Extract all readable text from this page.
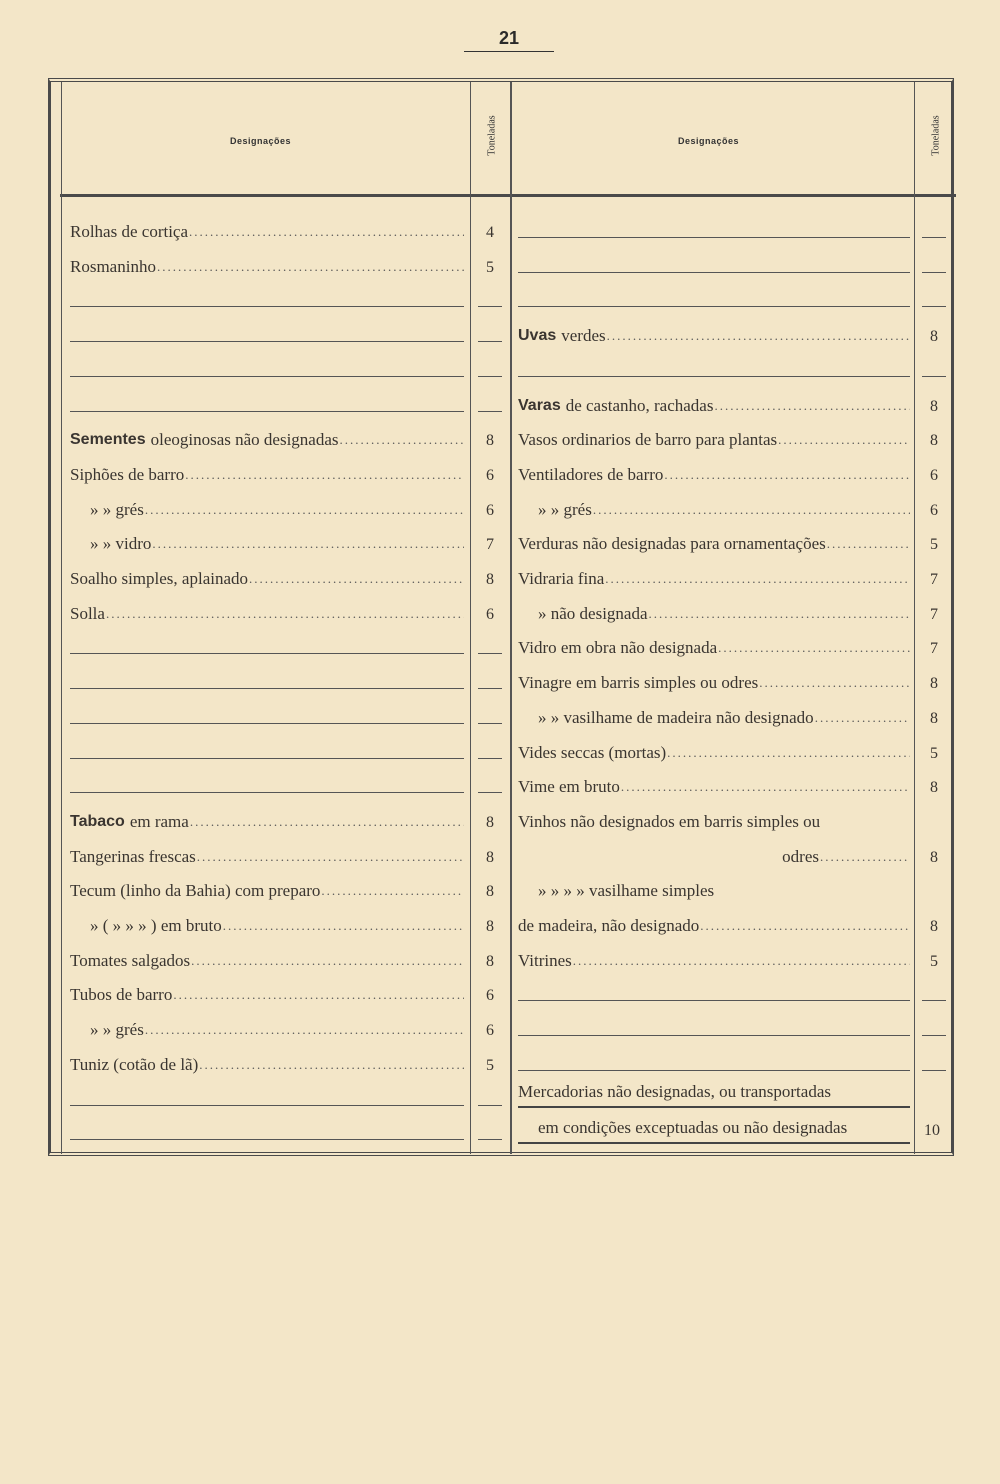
21
Designações	Toneladas	Designações	Toneladas
Rolhas de cortiça .....	4
Rosmaninho .....	5
Sementes oleoginosas não designadas .....	8
Siphões de barro .....	6
» » grés .....	6
» » vidro .....	7
Soalho simples, aplainado .....	8
Solla .....	6
Tabaco em rama .....	8
Tangerinas frescas .....	8
Tecum (linho da Bahia) com preparo .....	8
» ( » » » ) em bruto .....	8
Tomates salgados .....	8
Tubos de barro .....	6
» » grés .....	6
Tuniz (cotão de lã) .....	5
Uvas verdes .....	8
Varas de castanho, rachadas .....	8
Vasos ordinarios de barro para plantas .....	8
Ventiladores de barro .....	6
» » grés .....	6
Verduras não designadas para ornamentações .....	5
Vidraria fina .....	7
» não designada .....	7
Vidro em obra não designada .....	7
Vinagre em barris simples ou odres .....	8
» » vasilhame de madeira não designado .....	8
Vides seccas (mortas) .....	5
Vime em bruto .....	8
Vinhos não designados em barris simples ou
odres .....	8
» » » » vasilhame simples
de madeira, não designado .....	8
Vitrines .....	5
Mercadorias não designadas, ou transportadas
em condições exceptuadas ou não designadas	10
